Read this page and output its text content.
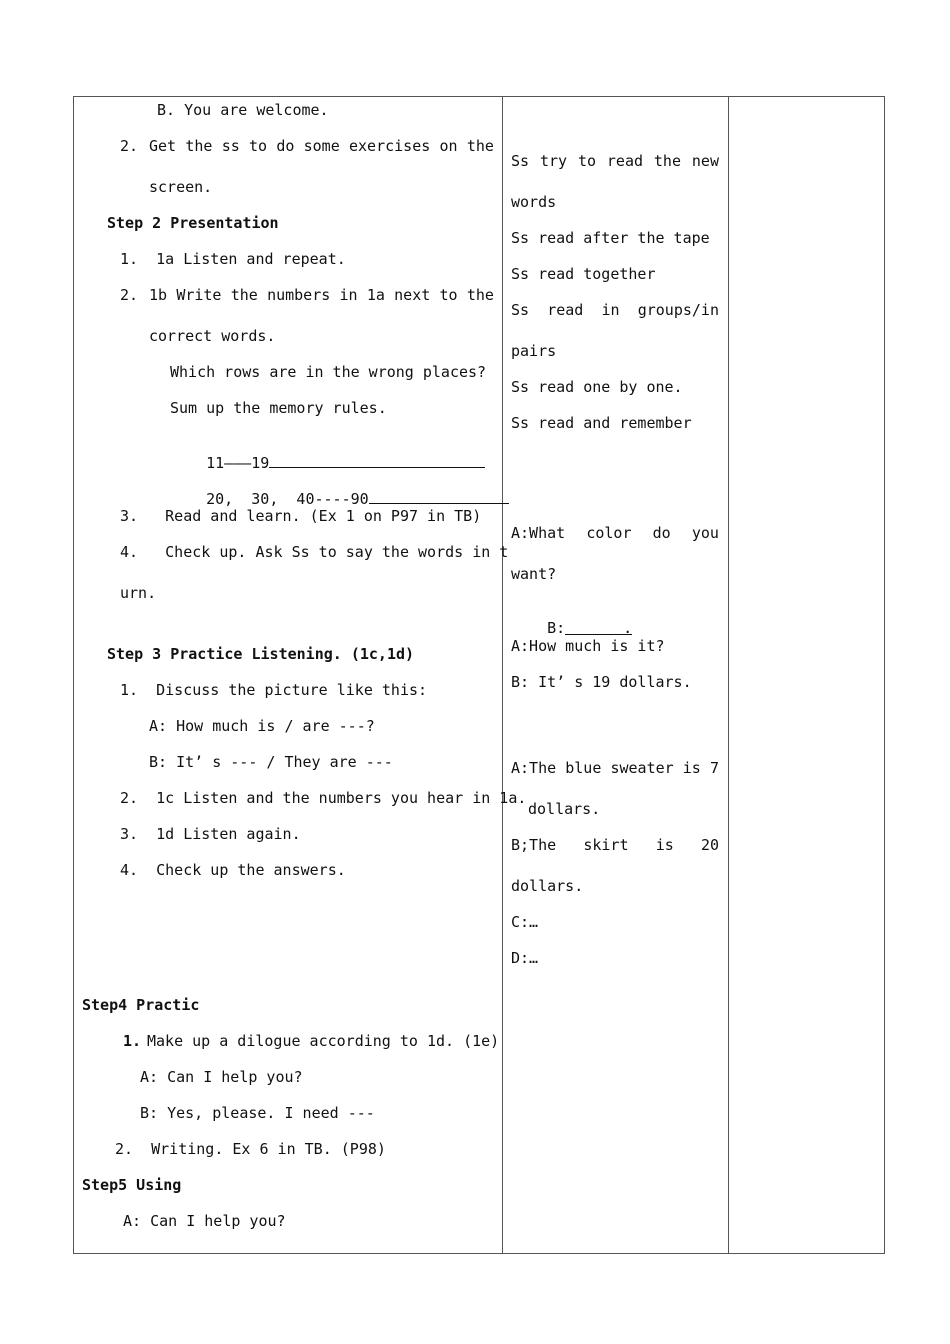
B. You are welcome.
2. Get the ss to do some exercises on the
screen.
Step 2 Presentation
1.  1a Listen and repeat.
2. 1b Write the numbers in 1a next to the
correct words.
Which rows are in the wrong places?
Sum up the memory rules.

11———19

20,  30,  40----90

3.   Read and learn. (Ex 1 on P97 in TB)
4.   Check up. Ask Ss to say the words in t
urn.
Step 3 Practice Listening. (1c,1d)
1.  Discuss the picture like this:
A: How much is / are ---?
B: It’ s --- / They are ---
2.  1c Listen and the numbers you hear in 1a.
3.  1d Listen again.
4.  Check up the answers.
Step4 Practic
1. Make up a dilogue according to 1d. (1e)
A: Can I help you?
B: Yes, please. I need ---
2.  Writing. Ex 6 in TB. (P98)
Step5 Using
A: Can I help you?
Ss try to read the new
words
Ss read after the tape
Ss read together
Ss read in groups/in
pairs
Ss read one by one.
Ss read and remember
A:What color do you
want?

B:	.

A:How much is it?
B: It’ s 19 dollars.
A:The blue sweater is 7
dollars.
B;The skirt is 20
dollars.
C:…
D:…
